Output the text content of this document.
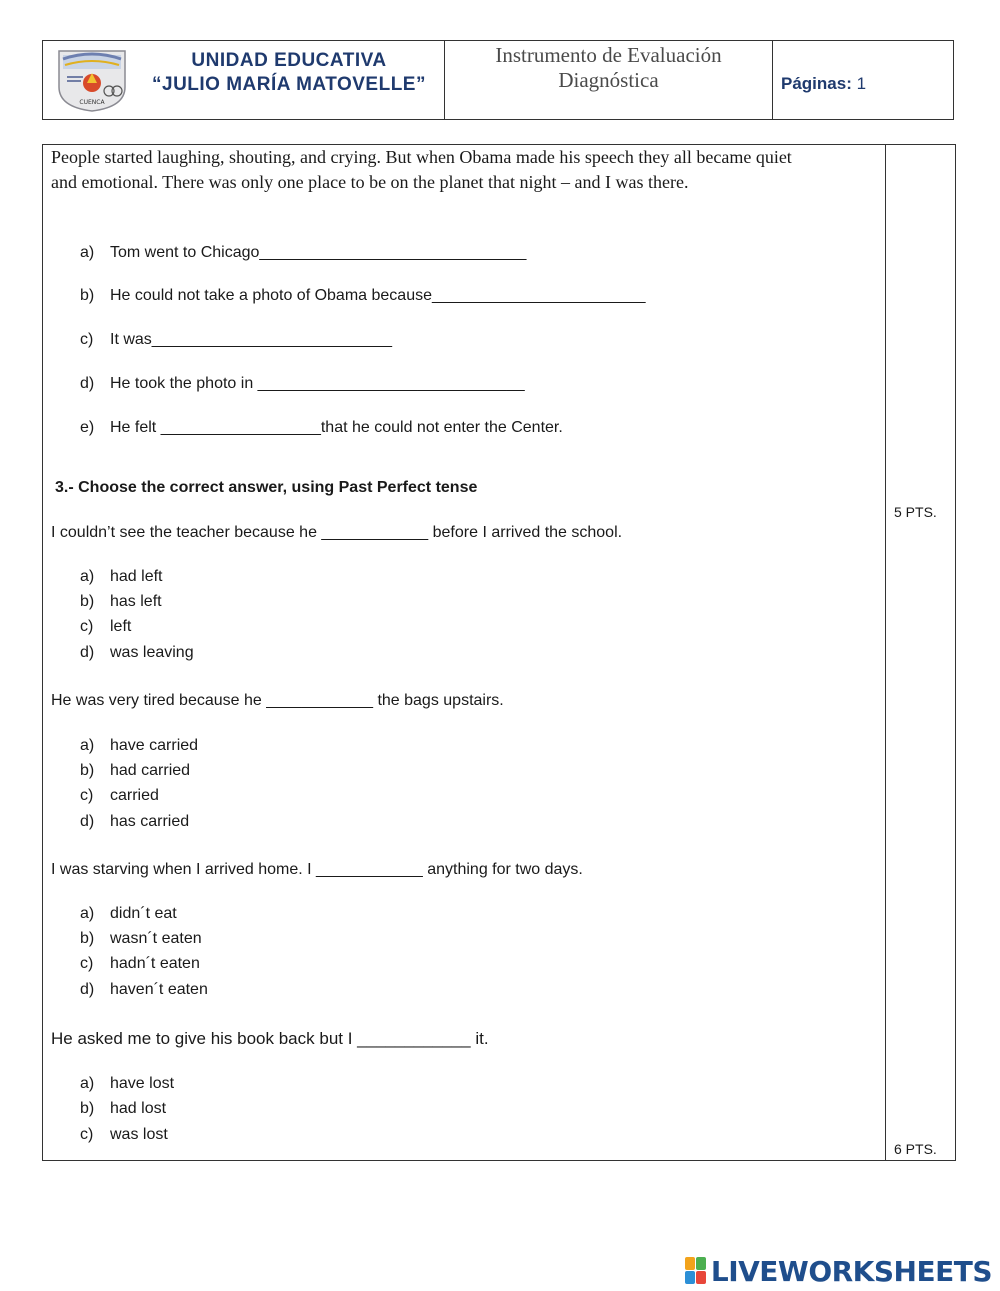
CUENCA
UNIDAD EDUCATIVA
“JULIO MARÍA MATOVELLE”
Instrumento de Evaluación
Diagnóstica	Páginas: 1
People started laughing, shouting, and crying. But when Obama made his speech they all became quiet
and emotional. There was only one place to be on the planet that night – and I was there.
a) Tom went to Chicago______________________________
b) He could not take a photo of Obama because________________________
c) It was___________________________
d) He took the photo in ______________________________
e) He felt __________________that he could not enter the Center.
3.- Choose the correct answer, using Past Perfect tense
5 PTS.
I couldn’t see the teacher because he ____________ before I arrived the school.
a) had left
b) has left
c) left
d) was leaving
He was very tired because he ____________ the bags upstairs.
a) have carried
b) had carried
c) carried
d) has carried
I was starving when I arrived home. I ____________ anything for two days.
a) didn´t eat
b) wasn´t eaten
c) hadn´t eaten
d) haven´t eaten
He asked me to give his book back but I ____________ it.
a) have lost
b) had lost
c) was lost
6 PTS.
LIVEWORKSHEETS
